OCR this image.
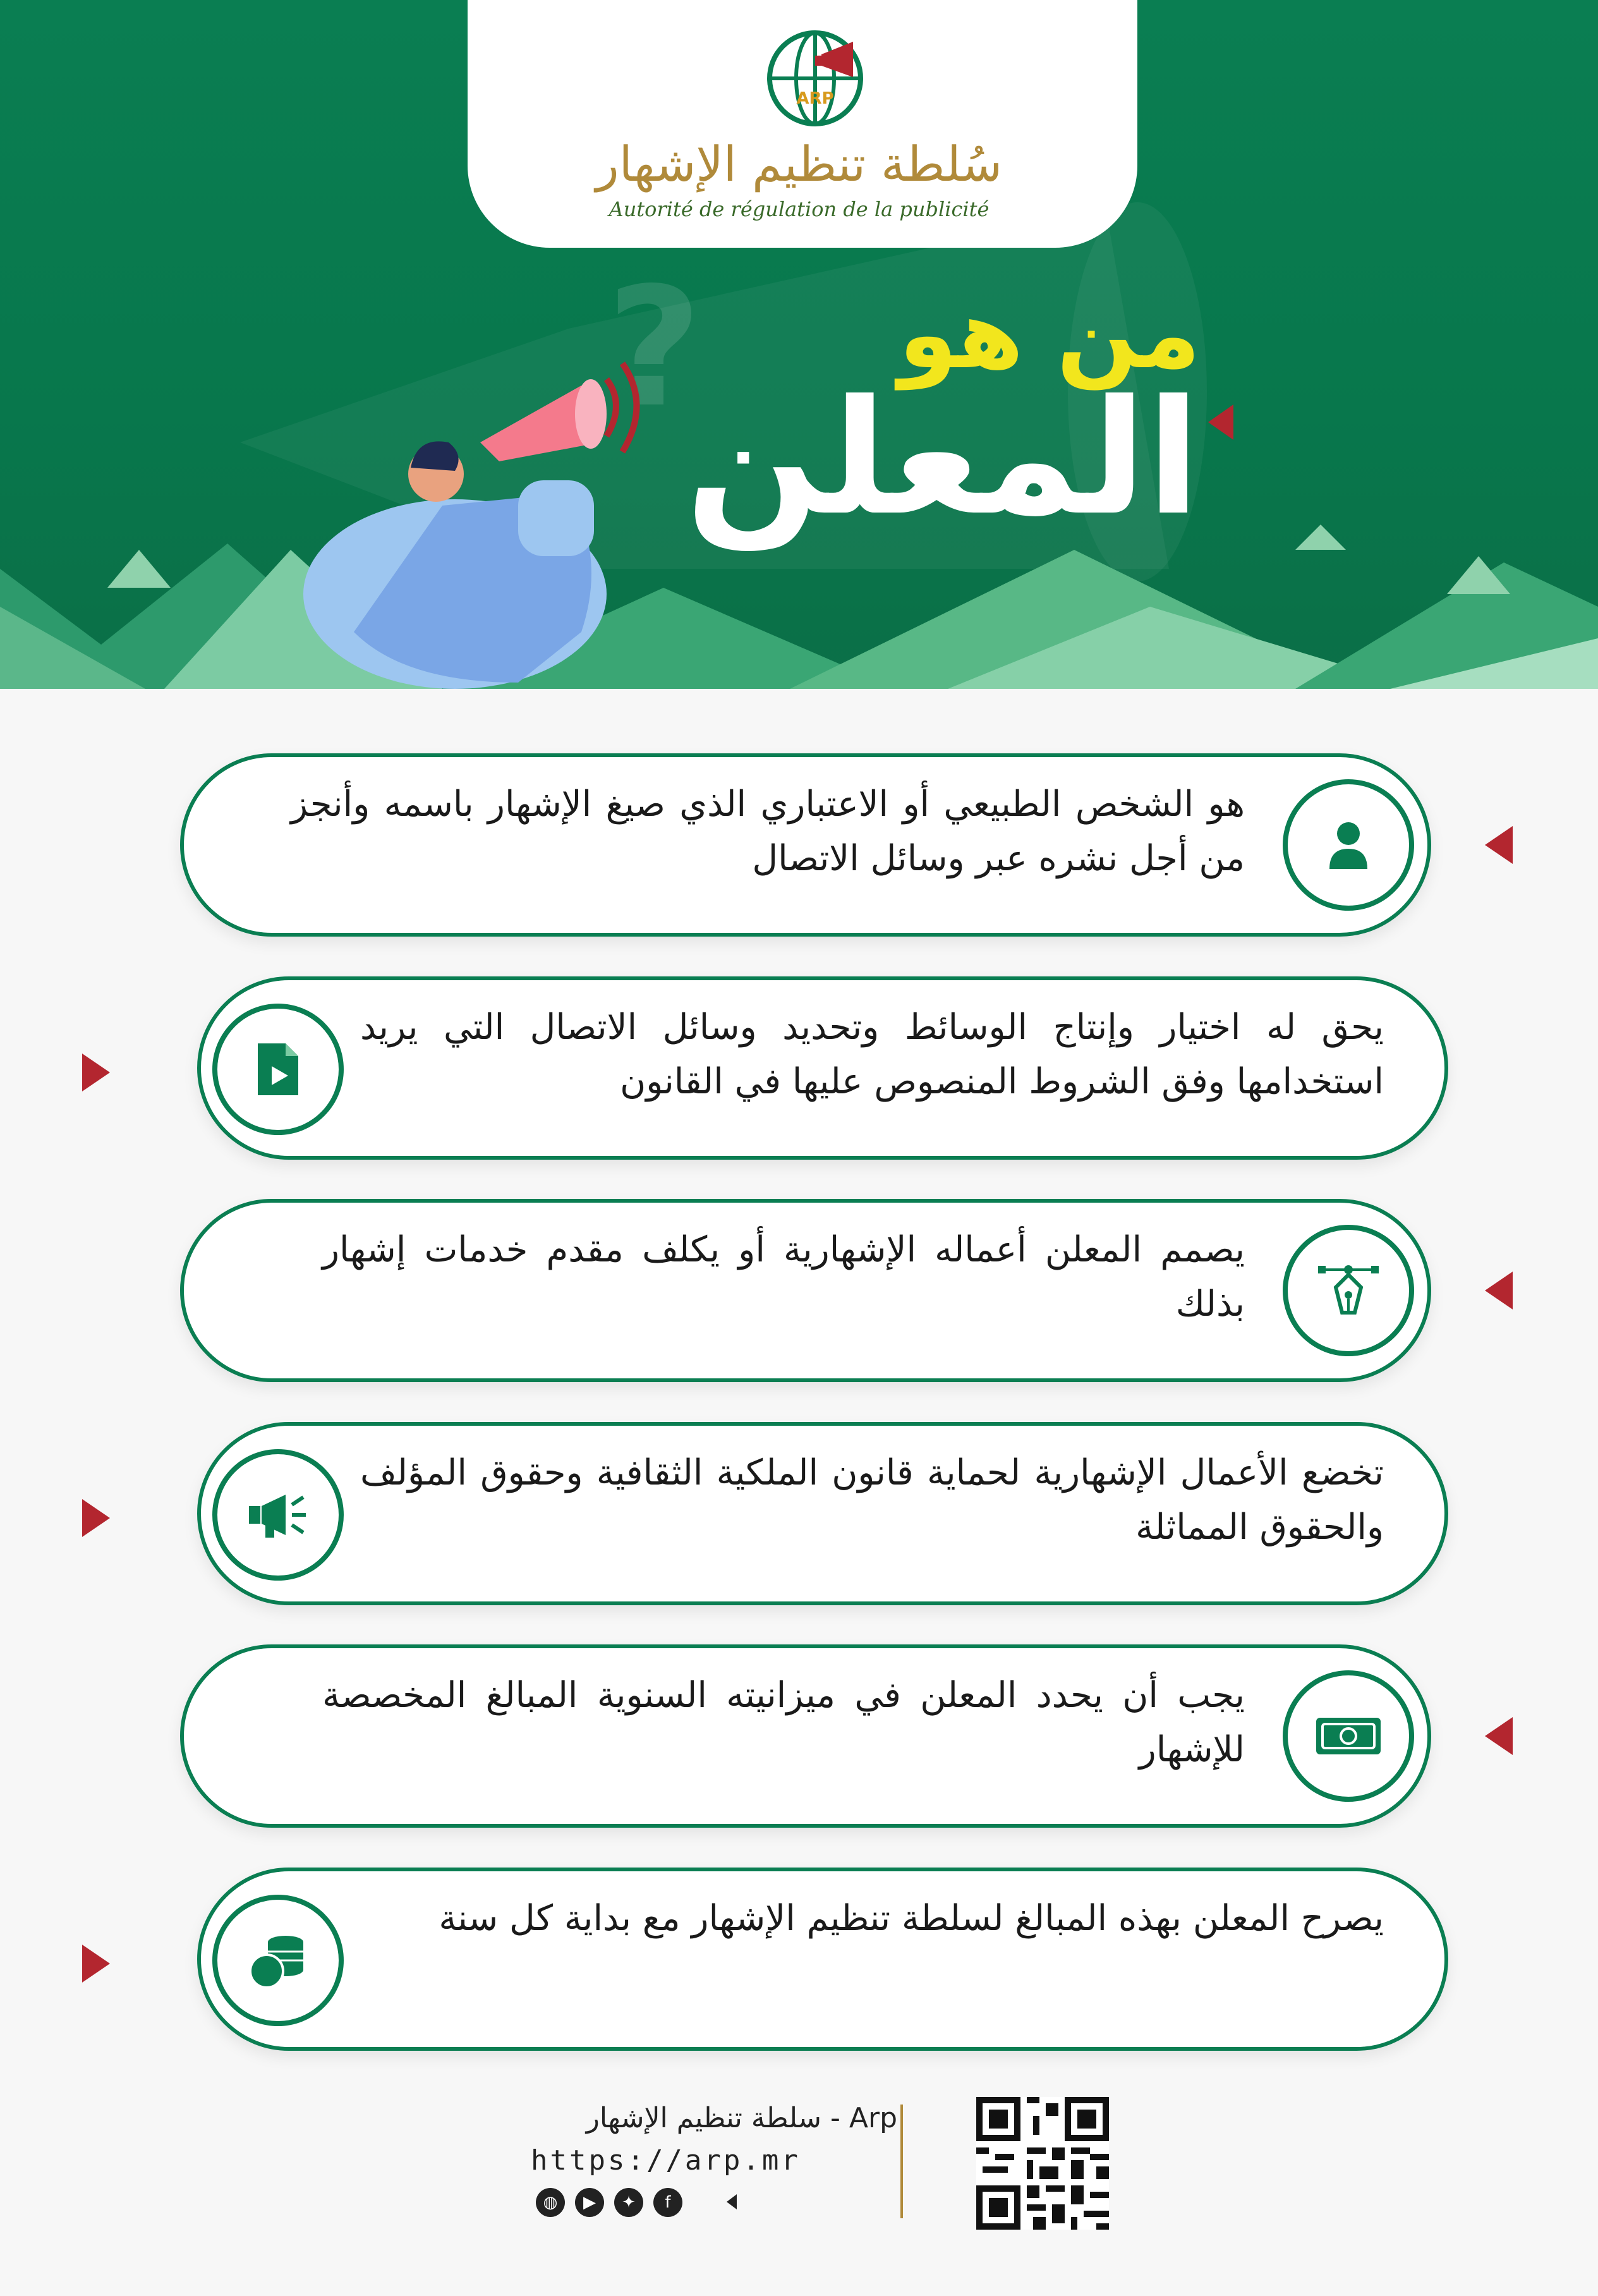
?
ARP
سُلطة تنظيم الإشهار
Autorité de régulation de la publicité
من هو
المعلن
هو الشخص الطبيعي أو الاعتباري الذي صيغ الإشهار باسمه وأنجز من أجل نشره عبر وسائل الاتصال
يحق له اختيار وإنتاج الوسائط وتحديد وسائل الاتصال التي يريد استخدامها وفق الشروط المنصوص عليها في القانون
يصمم المعلن أعماله الإشهارية أو يكلف مقدم خدمات إشهار بذلك
تخضع الأعمال الإشهارية لحماية قانون الملكية الثقافية وحقوق المؤلف والحقوق المماثلة
يجب أن يحدد المعلن في ميزانيته السنوية المبالغ المخصصة للإشهار
يصرح المعلن بهذه المبالغ لسلطة تنظيم الإشهار مع بداية كل سنة
سلطة تنظيم الإشهار - Arp
https://arp.mr
◍	▶	✦	f
